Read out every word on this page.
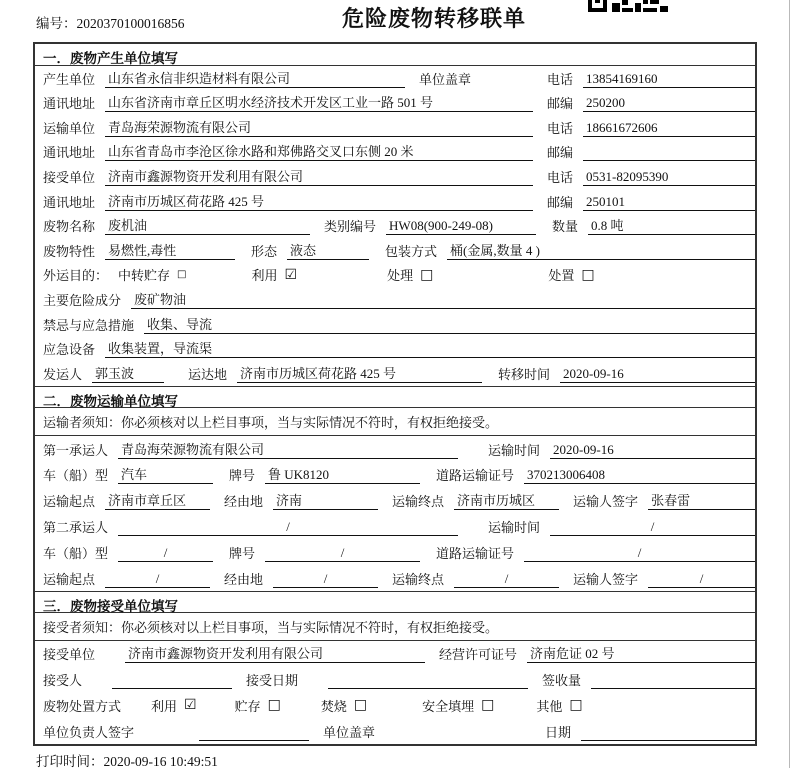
编号：2020370100016856	危险废物转移联单
一．废物产生单位填写
产生单位 山东省永信非织造材料有限公司	单位盖章	电话 13854169160
通讯地址 山东省济南市章丘区明水经济技术开发区工业一路 501 号	邮编 250200
运输单位 青岛海荣源物流有限公司	电话 18661672606
通讯地址 山东省青岛市李沧区徐水路和郑佛路交叉口东侧 20 米	邮编
接受单位 济南市鑫源物资开发利用有限公司	电话 0531-82095390
通讯地址 济南市历城区荷花路 425 号	邮编 250101
废物名称 废机油	类别编号 HW08(900-249-08)	数量 0.8 吨
废物特性 易燃性,毒性	形态 液态	包装方式 桶(金属,数量 4 )
外运目的： 中转贮存 □	利用 ☑	处理 □	处置 □
主要危险成分 废矿物油
禁忌与应急措施 收集、导流
应急设备 收集装置，导流渠
发运人 郭玉波	运达地 济南市历城区荷花路 425 号	转移时间 2020-09-16
二．废物运输单位填写
运输者须知：你必须核对以上栏目事项，当与实际情况不符时，有权拒绝接受。
第一承运人 青岛海荣源物流有限公司	运输时间 2020-09-16
车（船）型 汽车	牌号 鲁 UK8120	道路运输证号 370213006408
运输起点 济南市章丘区	经由地 济南	运输终点 济南市历城区	运输人签字 张春雷
第二承运人	/	运输时间	/
车（船）型	/	牌号	/	道路运输证号	/
运输起点	/	经由地	/	运输终点	/	运输人签字	/
三．废物接受单位填写
接受者须知：你必须核对以上栏目事项，当与实际情况不符时，有权拒绝接受。
接受单位	济南市鑫源物资开发利用有限公司	经营许可证号 济南危证 02 号
接受人	接受日期	签收量
废物处置方式 利用 ☑	贮存 □	焚烧 □	安全填埋 □	其他 □
单位负责人签字	单位盖章	日期
打印时间：2020-09-16 10:49:51
